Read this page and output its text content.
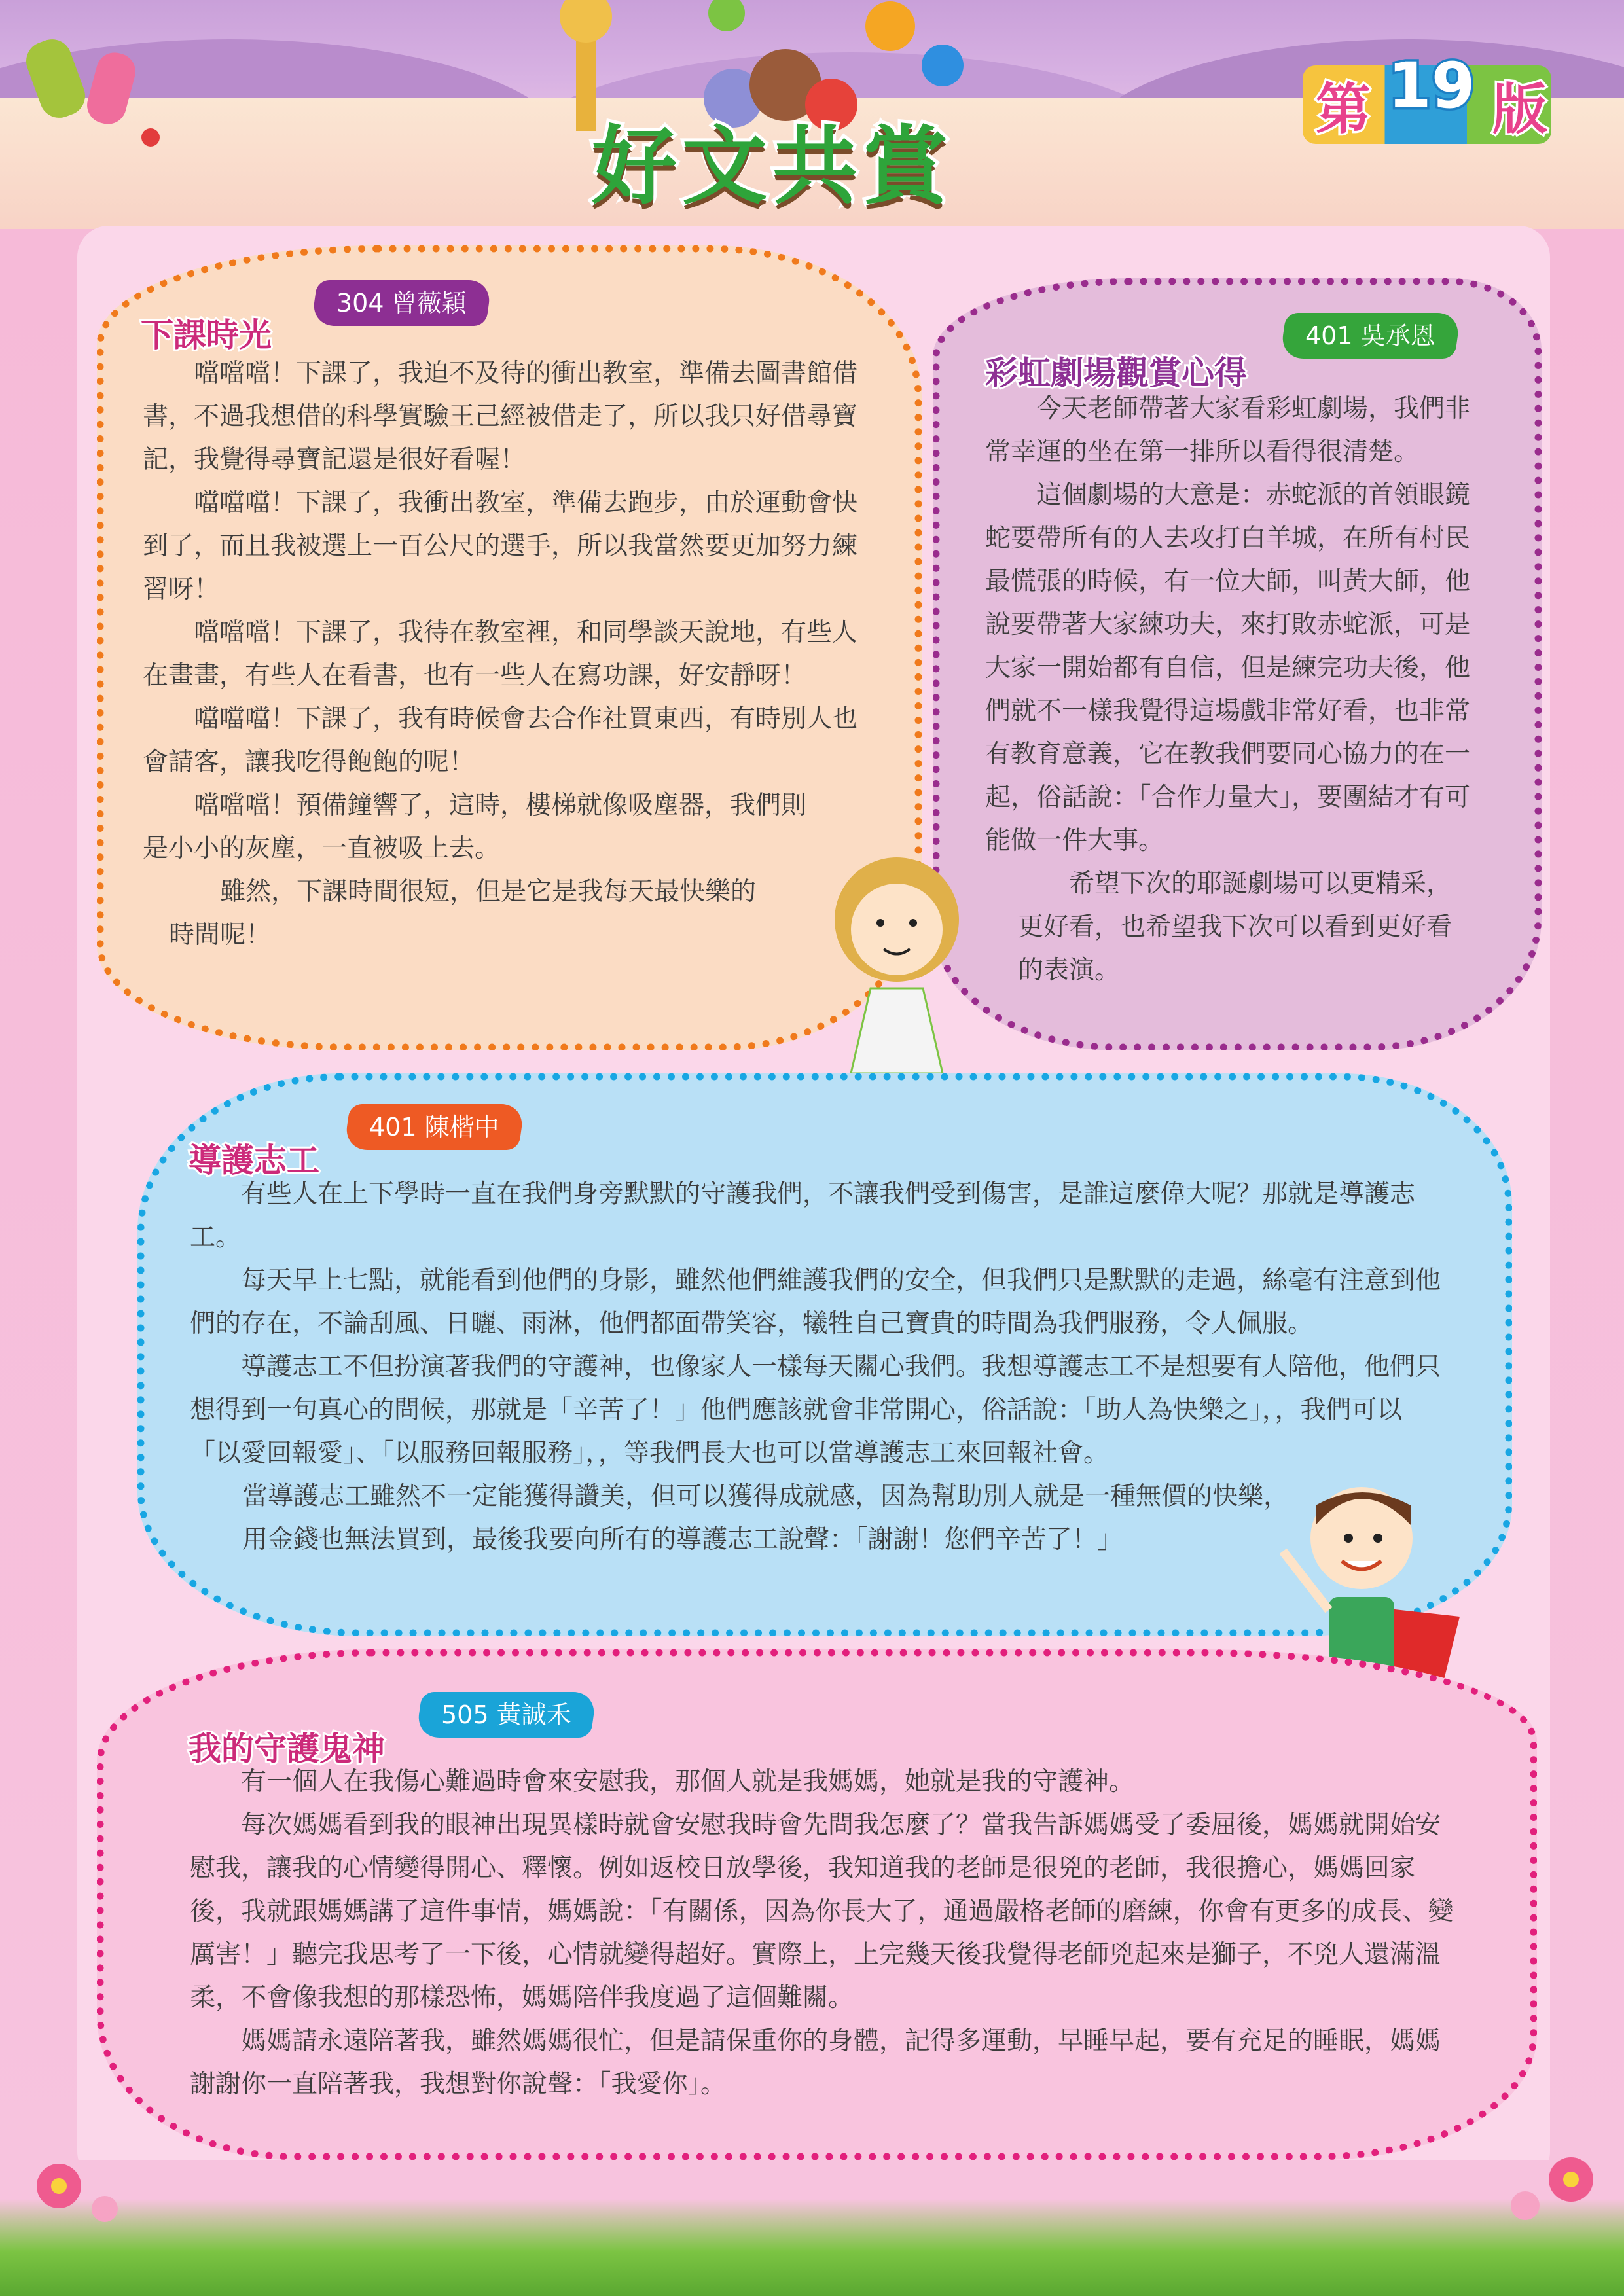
好文共賞
第 19 版
304 曾薇穎
下課時光

噹噹噹！下課了，我迫不及待的衝出教室，準備去圖書館借書，不過我想借的科學實驗王己經被借走了，所以我只好借尋寶記，我覺得尋寶記還是很好看喔！

噹噹噹！下課了，我衝出教室，準備去跑步，由於運動會快到了，而且我被選上一百公尺的選手，所以我當然要更加努力練習呀！

噹噹噹！下課了，我待在教室裡，和同學談天說地，有些人在畫畫，有些人在看書，也有一些人在寫功課，好安靜呀！

噹噹噹！下課了，我有時候會去合作社買東西，有時別人也會請客，讓我吃得飽飽的呢！

噹噹噹！預備鐘響了，這時，樓梯就像吸塵器，我們則是小小的灰塵，一直被吸上去。

雖然，下課時間很短，但是它是我每天最快樂的時間呢！

401 吳承恩
彩虹劇場觀賞心得

今天老師帶著大家看彩虹劇場，我們非常幸運的坐在第一排所以看得很清楚。

這個劇場的大意是：赤蛇派的首領眼鏡蛇要帶所有的人去攻打白羊城，在所有村民最慌張的時候，有一位大師，叫黃大師，他說要帶著大家練功夫，來打敗赤蛇派，可是大家一開始都有自信，但是練完功夫後，他們就不一樣我覺得這場戲非常好看，也非常有教育意義，它在教我們要同心協力的在一起，俗話說：「合作力量大」，要團結才有可能做一件大事。

希望下次的耶誕劇場可以更精采，更好看，也希望我下次可以看到更好看的表演。

401 陳楷中
導護志工

有些人在上下學時一直在我們身旁默默的守護我們，不讓我們受到傷害，是誰這麼偉大呢？那就是導護志工。

每天早上七點，就能看到他們的身影，雖然他們維護我們的安全，但我們只是默默的走過，絲毫有注意到他們的存在，不論刮風、日曬、雨淋，他們都面帶笑容，犧牲自己寶貴的時間為我們服務，令人佩服。

導護志工不但扮演著我們的守護神，也像家人一樣每天關心我們。我想導護志工不是想要有人陪他，他們只想得到一句真心的問候，那就是「辛苦了！」他們應該就會非常開心，俗話說：「助人為快樂之」，，我們可以「以愛回報愛」、「以服務回報服務」，，等我們長大也可以當導護志工來回報社會。

當導護志工雖然不一定能獲得讚美，但可以獲得成就感，因為幫助別人就是一種無價的快樂，用金錢也無法買到，最後我要向所有的導護志工說聲：「謝謝！您們辛苦了！」

505 黃誠禾
我的守護鬼神

有一個人在我傷心難過時會來安慰我，那個人就是我媽媽，她就是我的守護神。

每次媽媽看到我的眼神出現異樣時就會安慰我時會先問我怎麼了？當我告訴媽媽受了委屈後，媽媽就開始安慰我，讓我的心情變得開心、釋懷。例如返校日放學後，我知道我的老師是很兇的老師，我很擔心，媽媽回家後，我就跟媽媽講了這件事情，媽媽說：「有關係，因為你長大了，通過嚴格老師的磨練，你會有更多的成長、變厲害！」聽完我思考了一下後，心情就變得超好。實際上，上完幾天後我覺得老師兇起來是獅子，不兇人還滿溫柔，不會像我想的那樣恐怖，媽媽陪伴我度過了這個難關。

媽媽請永遠陪著我，雖然媽媽很忙，但是請保重你的身體，記得多運動，早睡早起，要有充足的睡眠，媽媽謝謝你一直陪著我，我想對你說聲：「我愛你」。
